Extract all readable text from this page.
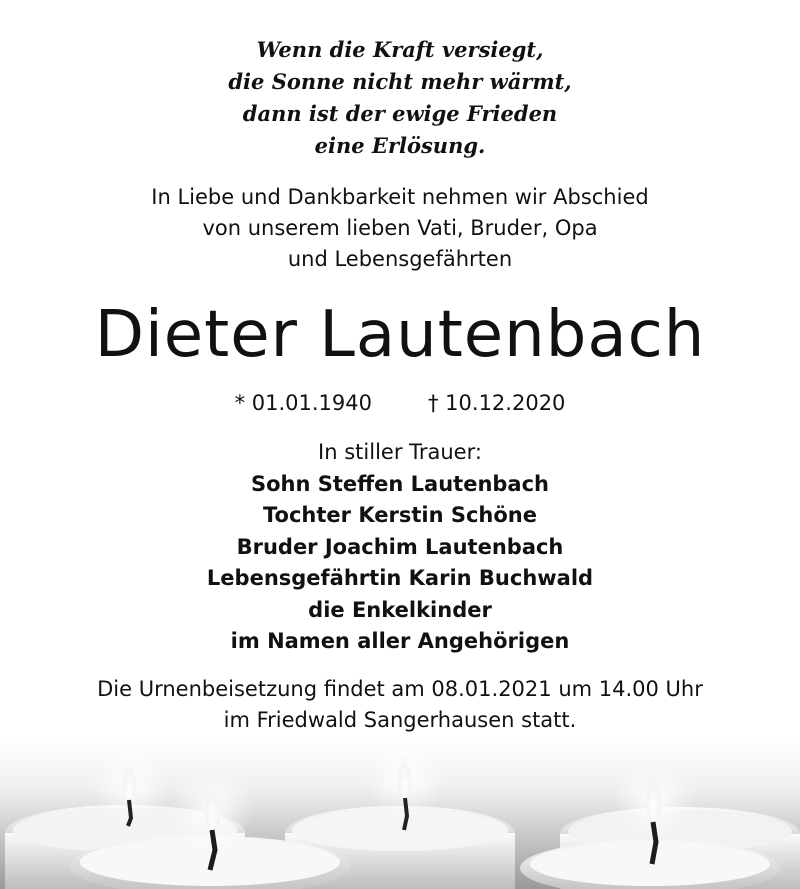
Wenn die Kraft versiegt,
die Sonne nicht mehr wärmt,
dann ist der ewige Frieden
eine Erlösung.
In Liebe und Dankbarkeit nehmen wir Abschied
von unserem lieben Vati, Bruder, Opa
und Lebensgefährten
Dieter Lautenbach
* 01.01.1940	† 10.12.2020
In stiller Trauer:
Sohn Steffen Lautenbach
Tochter Kerstin Schöne
Bruder Joachim Lautenbach
Lebensgefährtin Karin Buchwald
die Enkelkinder
im Namen aller Angehörigen
Die Urnenbeisetzung findet am 08.01.2021 um 14.00 Uhr
im Friedwald Sangerhausen statt.
